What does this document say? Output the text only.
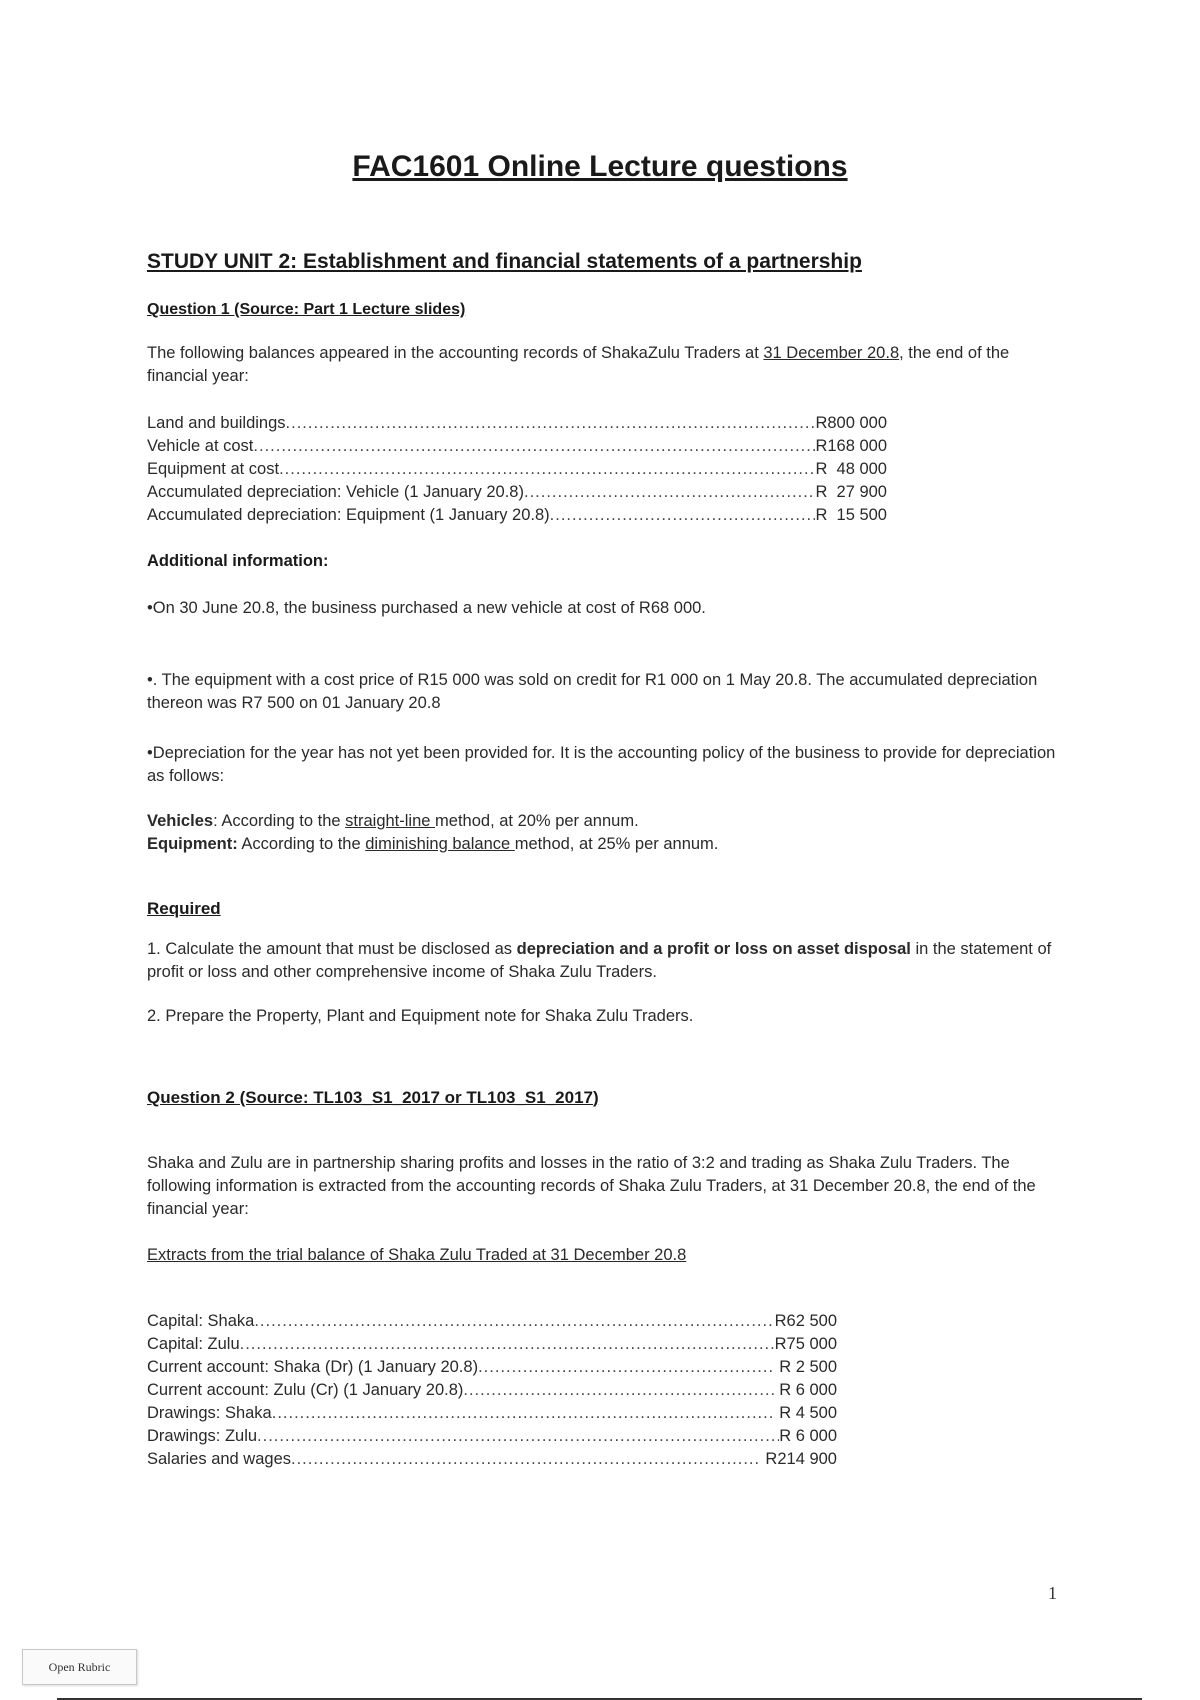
FAC1601 Online Lecture questions
STUDY UNIT 2: Establishment and financial statements of a partnership
Question 1 (Source: Part 1 Lecture slides)
The following balances appeared in the accounting records of ShakaZulu Traders at 31 December 20.8, the end of the financial year:
Land and buildings .....	R800 000
Vehicle at cost .....	R168 000
Equipment at cost .....	R  48 000
Accumulated depreciation: Vehicle (1 January 20.8) .....	R  27 900
Accumulated depreciation: Equipment (1 January 20.8) .....	R  15 500
Additional information:
•On 30 June 20.8, the business purchased a new vehicle at cost of R68 000.
•. The equipment with a cost price of R15 000 was sold on credit for R1 000 on 1 May 20.8. The accumulated depreciation thereon was R7 500 on 01 January 20.8
•Depreciation for the year has not yet been provided for. It is the accounting policy of the business to provide for depreciation as follows:
Vehicles: According to the straight-line method, at 20% per annum.
Equipment: According to the diminishing balance method, at 25% per annum.
Required
1. Calculate the amount that must be disclosed as depreciation and a profit or loss on asset disposal in the statement of profit or loss and other comprehensive income of Shaka Zulu Traders.
2. Prepare the Property, Plant and Equipment note for Shaka Zulu Traders.
Question 2 (Source: TL103_S1_2017 or TL103_S1_2017)
Shaka and Zulu are in partnership sharing profits and losses in the ratio of 3:2 and trading as Shaka Zulu Traders. The following information is extracted from the accounting records of Shaka Zulu Traders, at 31 December 20.8, the end of the financial year:
Extracts from the trial balance of Shaka Zulu Traded at 31 December 20.8
Capital: Shaka .....	R62 500
Capital: Zulu .....	R75 000
Current account: Shaka (Dr) (1 January 20.8) .....	R 2 500
Current account: Zulu (Cr) (1 January 20.8) .....	R 6 000
Drawings: Shaka .....	R 4 500
Drawings: Zulu .....	R 6 000
Salaries and wages .....	R214 900
1
Open Rubric
